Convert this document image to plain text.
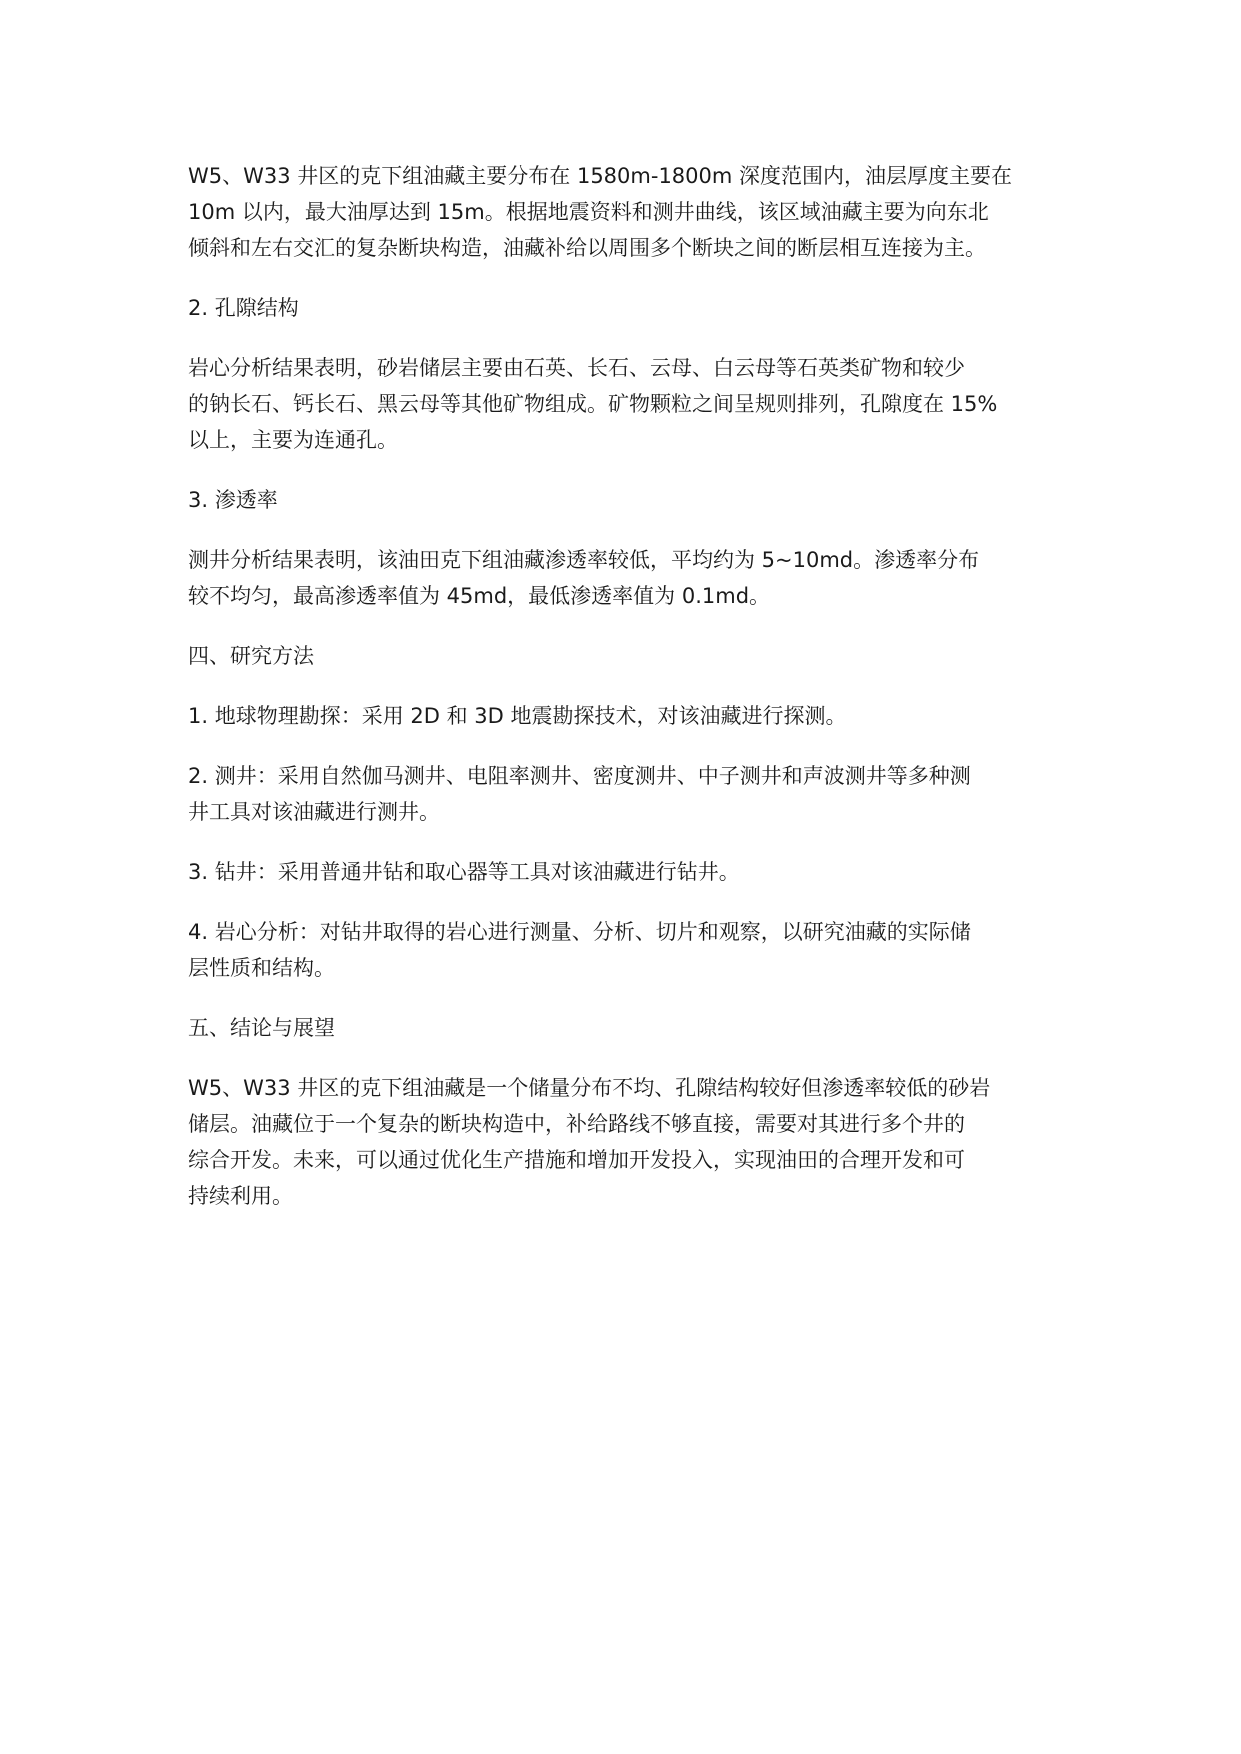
W5、W33 井区的克下组油藏主要分布在 1580m-1800m 深度范围内，油层厚度主要在
10m 以内，最大油厚达到 15m。根据地震资料和测井曲线，该区域油藏主要为向东北
倾斜和左右交汇的复杂断块构造，油藏补给以周围多个断块之间的断层相互连接为主。
2. 孔隙结构
岩心分析结果表明，砂岩储层主要由石英、长石、云母、白云母等石英类矿物和较少
的钠长石、钙长石、黑云母等其他矿物组成。矿物颗粒之间呈规则排列，孔隙度在 15%
以上，主要为连通孔。
3. 渗透率
测井分析结果表明，该油田克下组油藏渗透率较低，平均约为 5~10md。渗透率分布
较不均匀，最高渗透率值为 45md，最低渗透率值为 0.1md。
四、研究方法
1. 地球物理勘探：采用 2D 和 3D 地震勘探技术，对该油藏进行探测。
2. 测井：采用自然伽马测井、电阻率测井、密度测井、中子测井和声波测井等多种测
井工具对该油藏进行测井。
3. 钻井：采用普通井钻和取心器等工具对该油藏进行钻井。
4. 岩心分析：对钻井取得的岩心进行测量、分析、切片和观察，以研究油藏的实际储
层性质和结构。
五、结论与展望
W5、W33 井区的克下组油藏是一个储量分布不均、孔隙结构较好但渗透率较低的砂岩
储层。油藏位于一个复杂的断块构造中，补给路线不够直接，需要对其进行多个井的
综合开发。未来，可以通过优化生产措施和增加开发投入，实现油田的合理开发和可
持续利用。
